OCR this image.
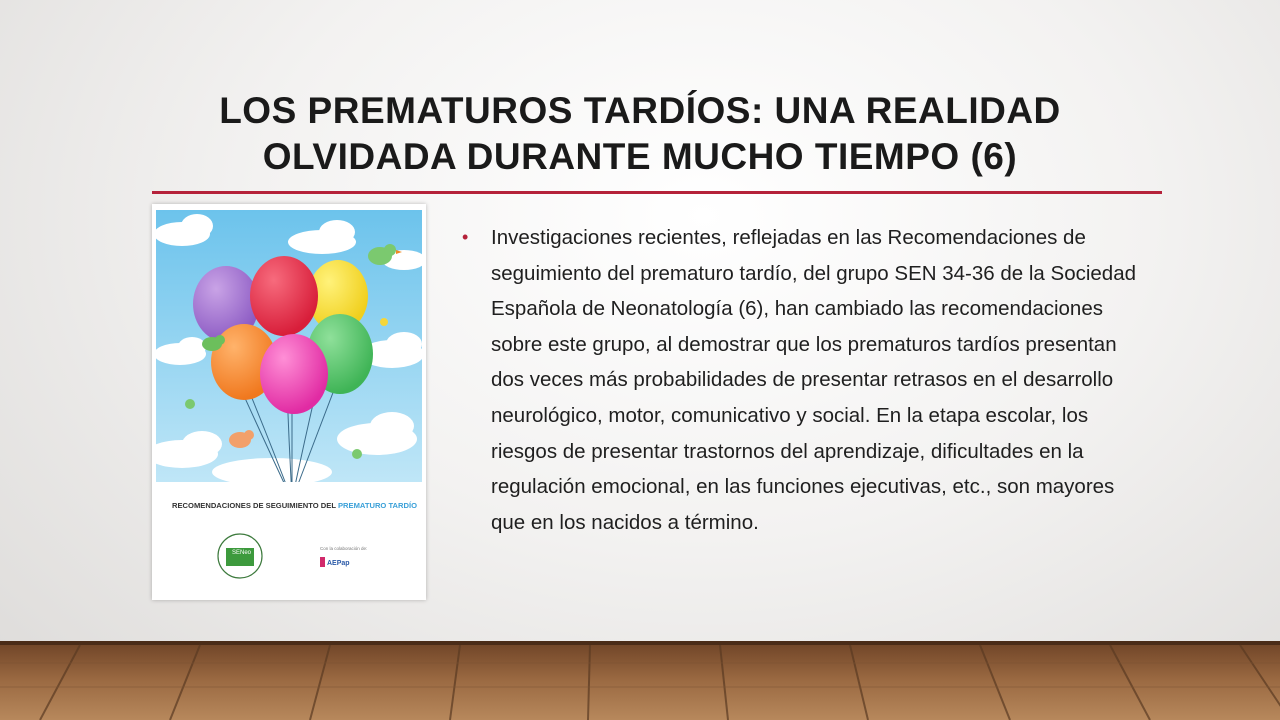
LOS PREMATUROS TARDÍOS: UNA REALIDAD
OLVIDADA DURANTE MUCHO TIEMPO (6)
RECOMENDACIONES DE SEGUIMIENTO DEL PREMATURO TARDÍO
SENeo
Con la colaboración de:
AEPap
• Investigaciones recientes, reflejadas en las Recomendaciones de seguimiento del prematuro tardío, del grupo SEN 34-36 de la Sociedad Española de Neonatología (6), han cambiado las recomendaciones sobre este grupo, al demostrar que los prematuros tardíos presentan dos veces más probabilidades de presentar retrasos en el desarrollo neurológico, motor, comunicativo y social. En la etapa escolar, los riesgos de presentar trastornos del aprendizaje, dificultades en la regulación emocional, en las funciones ejecutivas, etc., son mayores que en los nacidos a término.
